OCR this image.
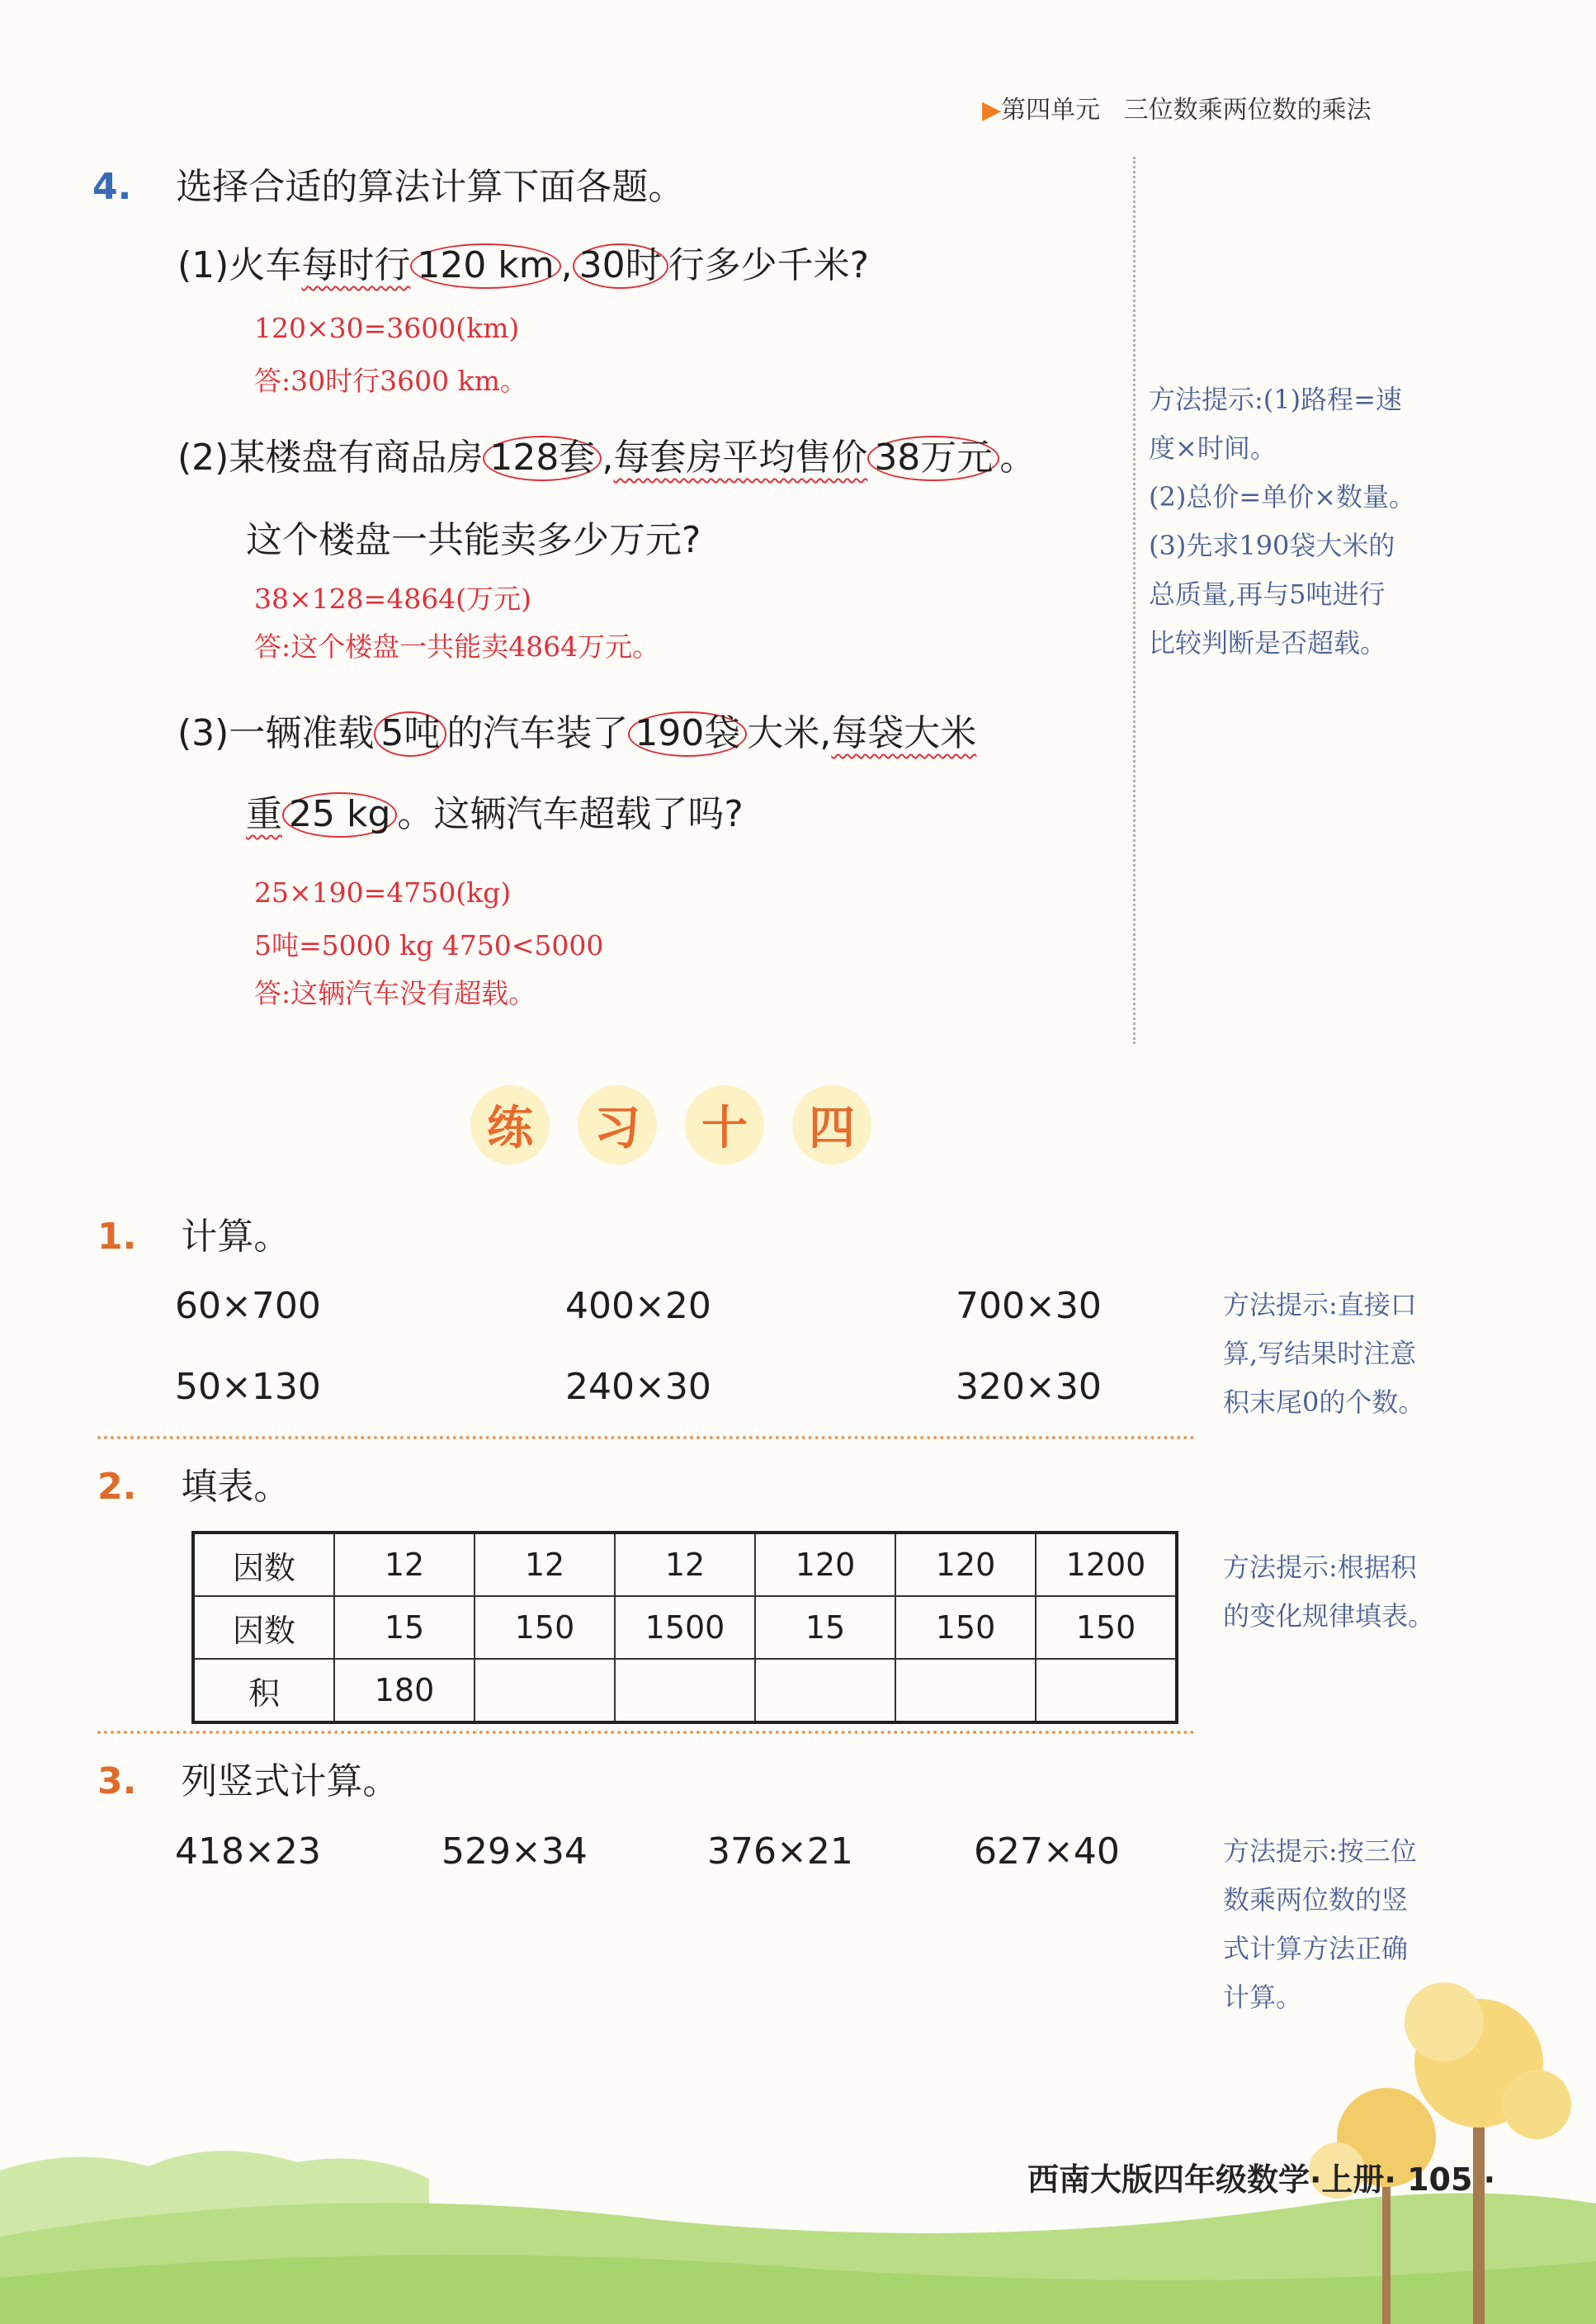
▶第四单元 三位数乘两位数的乘法
4. 选择合适的算法计算下面各题。
(1)火车每时行 120 km , 30时 行多少千米?
120×30=3600(km)
答:30时行3600 km。
(2)某楼盘有商品房 128套 ,每套房平均售价 38万元 。
这个楼盘一共能卖多少万元?
38×128=4864(万元)
答:这个楼盘一共能卖4864万元。
(3)一辆准载 5吨 的汽车装了 190袋 大米,每袋大米
重 25 kg 。这辆汽车超载了吗?
25×190=4750(kg)
5吨=5000 kg 4750<5000
答:这辆汽车没有超载。
方法提示:(1)路程=速
度×时间。
(2)总价=单价×数量。
(3)先求190袋大米的
总质量,再与5吨进行
比较判断是否超载。
练	习	十	四
1. 计算。
60×700	400×20	700×30
50×130	240×30	320×30
方法提示:直接口
算,写结果时注意
积末尾0的个数。
2. 填表。
因数	12	12	12	120	120	1200
因数	15	150	1500	15	150	150
积	180					
方法提示:根据积
的变化规律填表。
3. 列竖式计算。
418×23	529×34	376×21	627×40	方法提示:按三位
数乘两位数的竖
式计算方法正确
计算。
西南大版四年级数学·上册· 105 ·
